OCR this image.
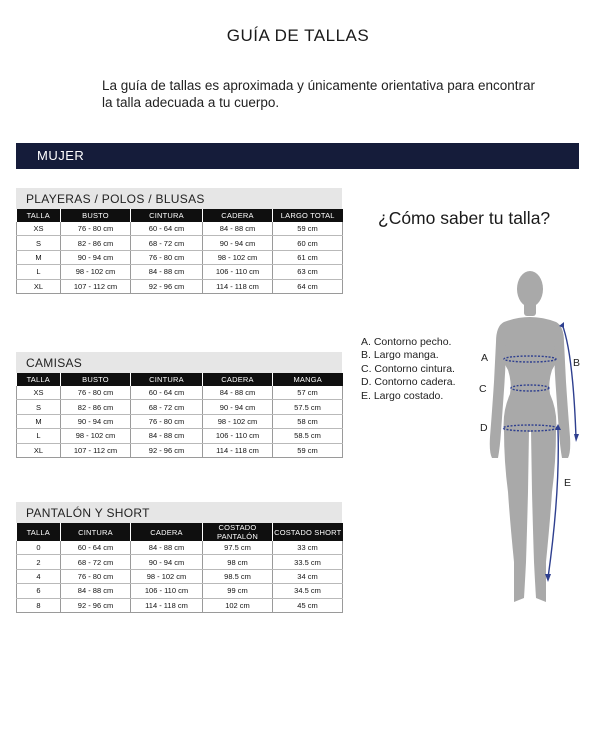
GUÍA DE TALLAS
La guía de tallas es aproximada y únicamente orientativa para encontrar la talla adecuada a tu cuerpo.
MUJER
PLAYERAS / POLOS / BLUSAS
TALLA	BUSTO	CINTURA	CADERA	LARGO TOTAL
XS	76 - 80 cm	60 - 64 cm	84 - 88 cm	59 cm
S	82 - 86 cm	68 - 72 cm	90 - 94 cm	60 cm
M	90 - 94 cm	76 - 80 cm	98 - 102 cm	61 cm
L	98 - 102 cm	84 - 88 cm	106 - 110 cm	63 cm
XL	107 - 112 cm	92 - 96 cm	114 - 118 cm	64 cm
CAMISAS
TALLA	BUSTO	CINTURA	CADERA	MANGA
XS	76 - 80 cm	60 - 64 cm	84 - 88 cm	57 cm
S	82 - 86 cm	68 - 72 cm	90 - 94 cm	57.5 cm
M	90 - 94 cm	76 - 80 cm	98 - 102 cm	58 cm
L	98 - 102 cm	84 - 88 cm	106 - 110 cm	58.5 cm
XL	107 - 112 cm	92 - 96 cm	114 - 118 cm	59 cm
PANTALÓN Y SHORT
TALLA	CINTURA	CADERA	COSTADO PANTALÓN	COSTADO SHORT
0	60 - 64 cm	84 - 88 cm	97.5 cm	33 cm
2	68 - 72 cm	90 - 94 cm	98 cm	33.5 cm
4	76 - 80 cm	98 - 102 cm	98.5 cm	34 cm
6	84 - 88 cm	106 - 110 cm	99 cm	34.5 cm
8	92 - 96 cm	114 - 118 cm	102 cm	45 cm
¿Cómo saber tu talla?
A. Contorno pecho.
B. Largo manga.
C. Contorno cintura.
D. Contorno cadera.
E. Largo costado.
A	B
C
D
E
